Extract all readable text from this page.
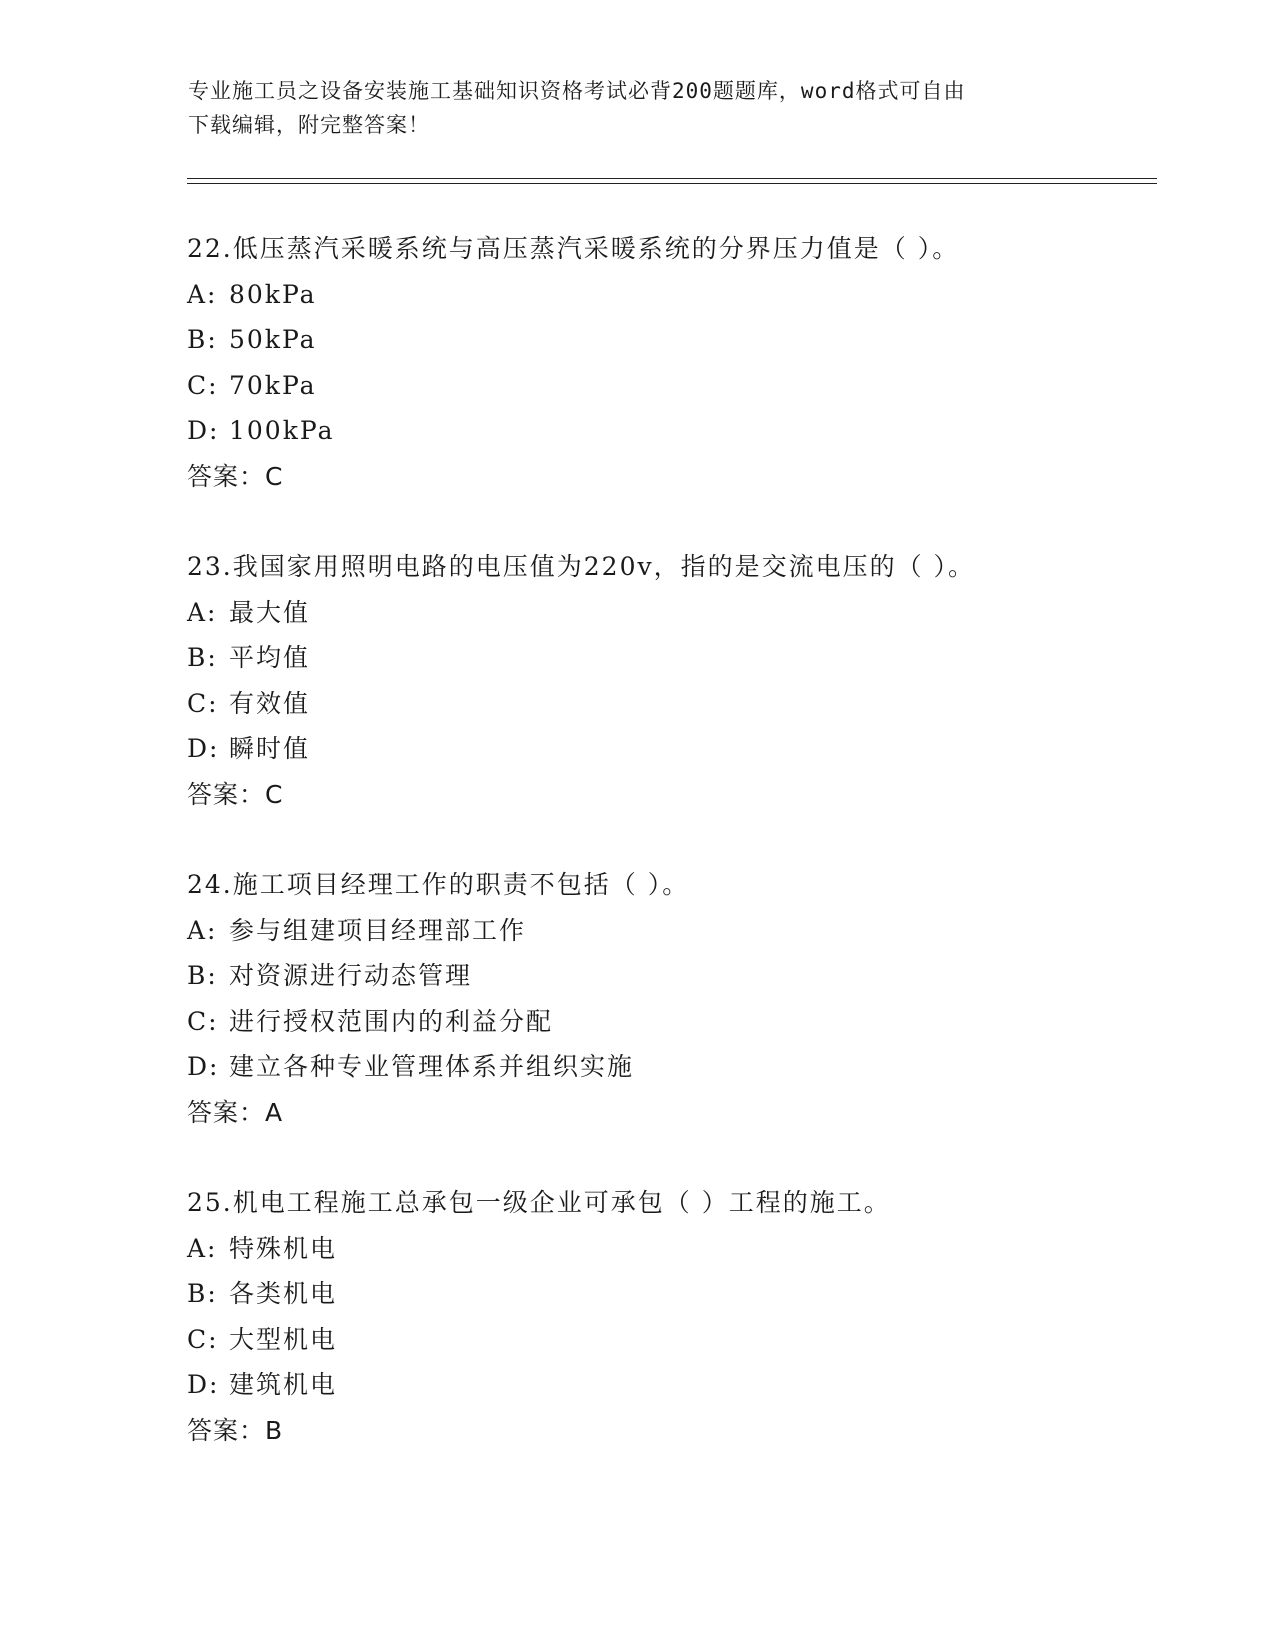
专业施工员之设备安装施工基础知识资格考试必背200题题库，word格式可自由
下载编辑，附完整答案！
22.低压蒸汽采暖系统与高压蒸汽采暖系统的分界压力值是（ ）。
A: 80kPa
B: 50kPa
C: 70kPa
D: 100kPa
答案：C
23.我国家用照明电路的电压值为220v，指的是交流电压的（ ）。
A: 最大值
B: 平均值
C: 有效值
D: 瞬时值
答案：C
24.施工项目经理工作的职责不包括（ ）。
A: 参与组建项目经理部工作
B: 对资源进行动态管理
C: 进行授权范围内的利益分配
D: 建立各种专业管理体系并组织实施
答案：A
25.机电工程施工总承包一级企业可承包（ ）工程的施工。
A: 特殊机电
B: 各类机电
C: 大型机电
D: 建筑机电
答案：B
